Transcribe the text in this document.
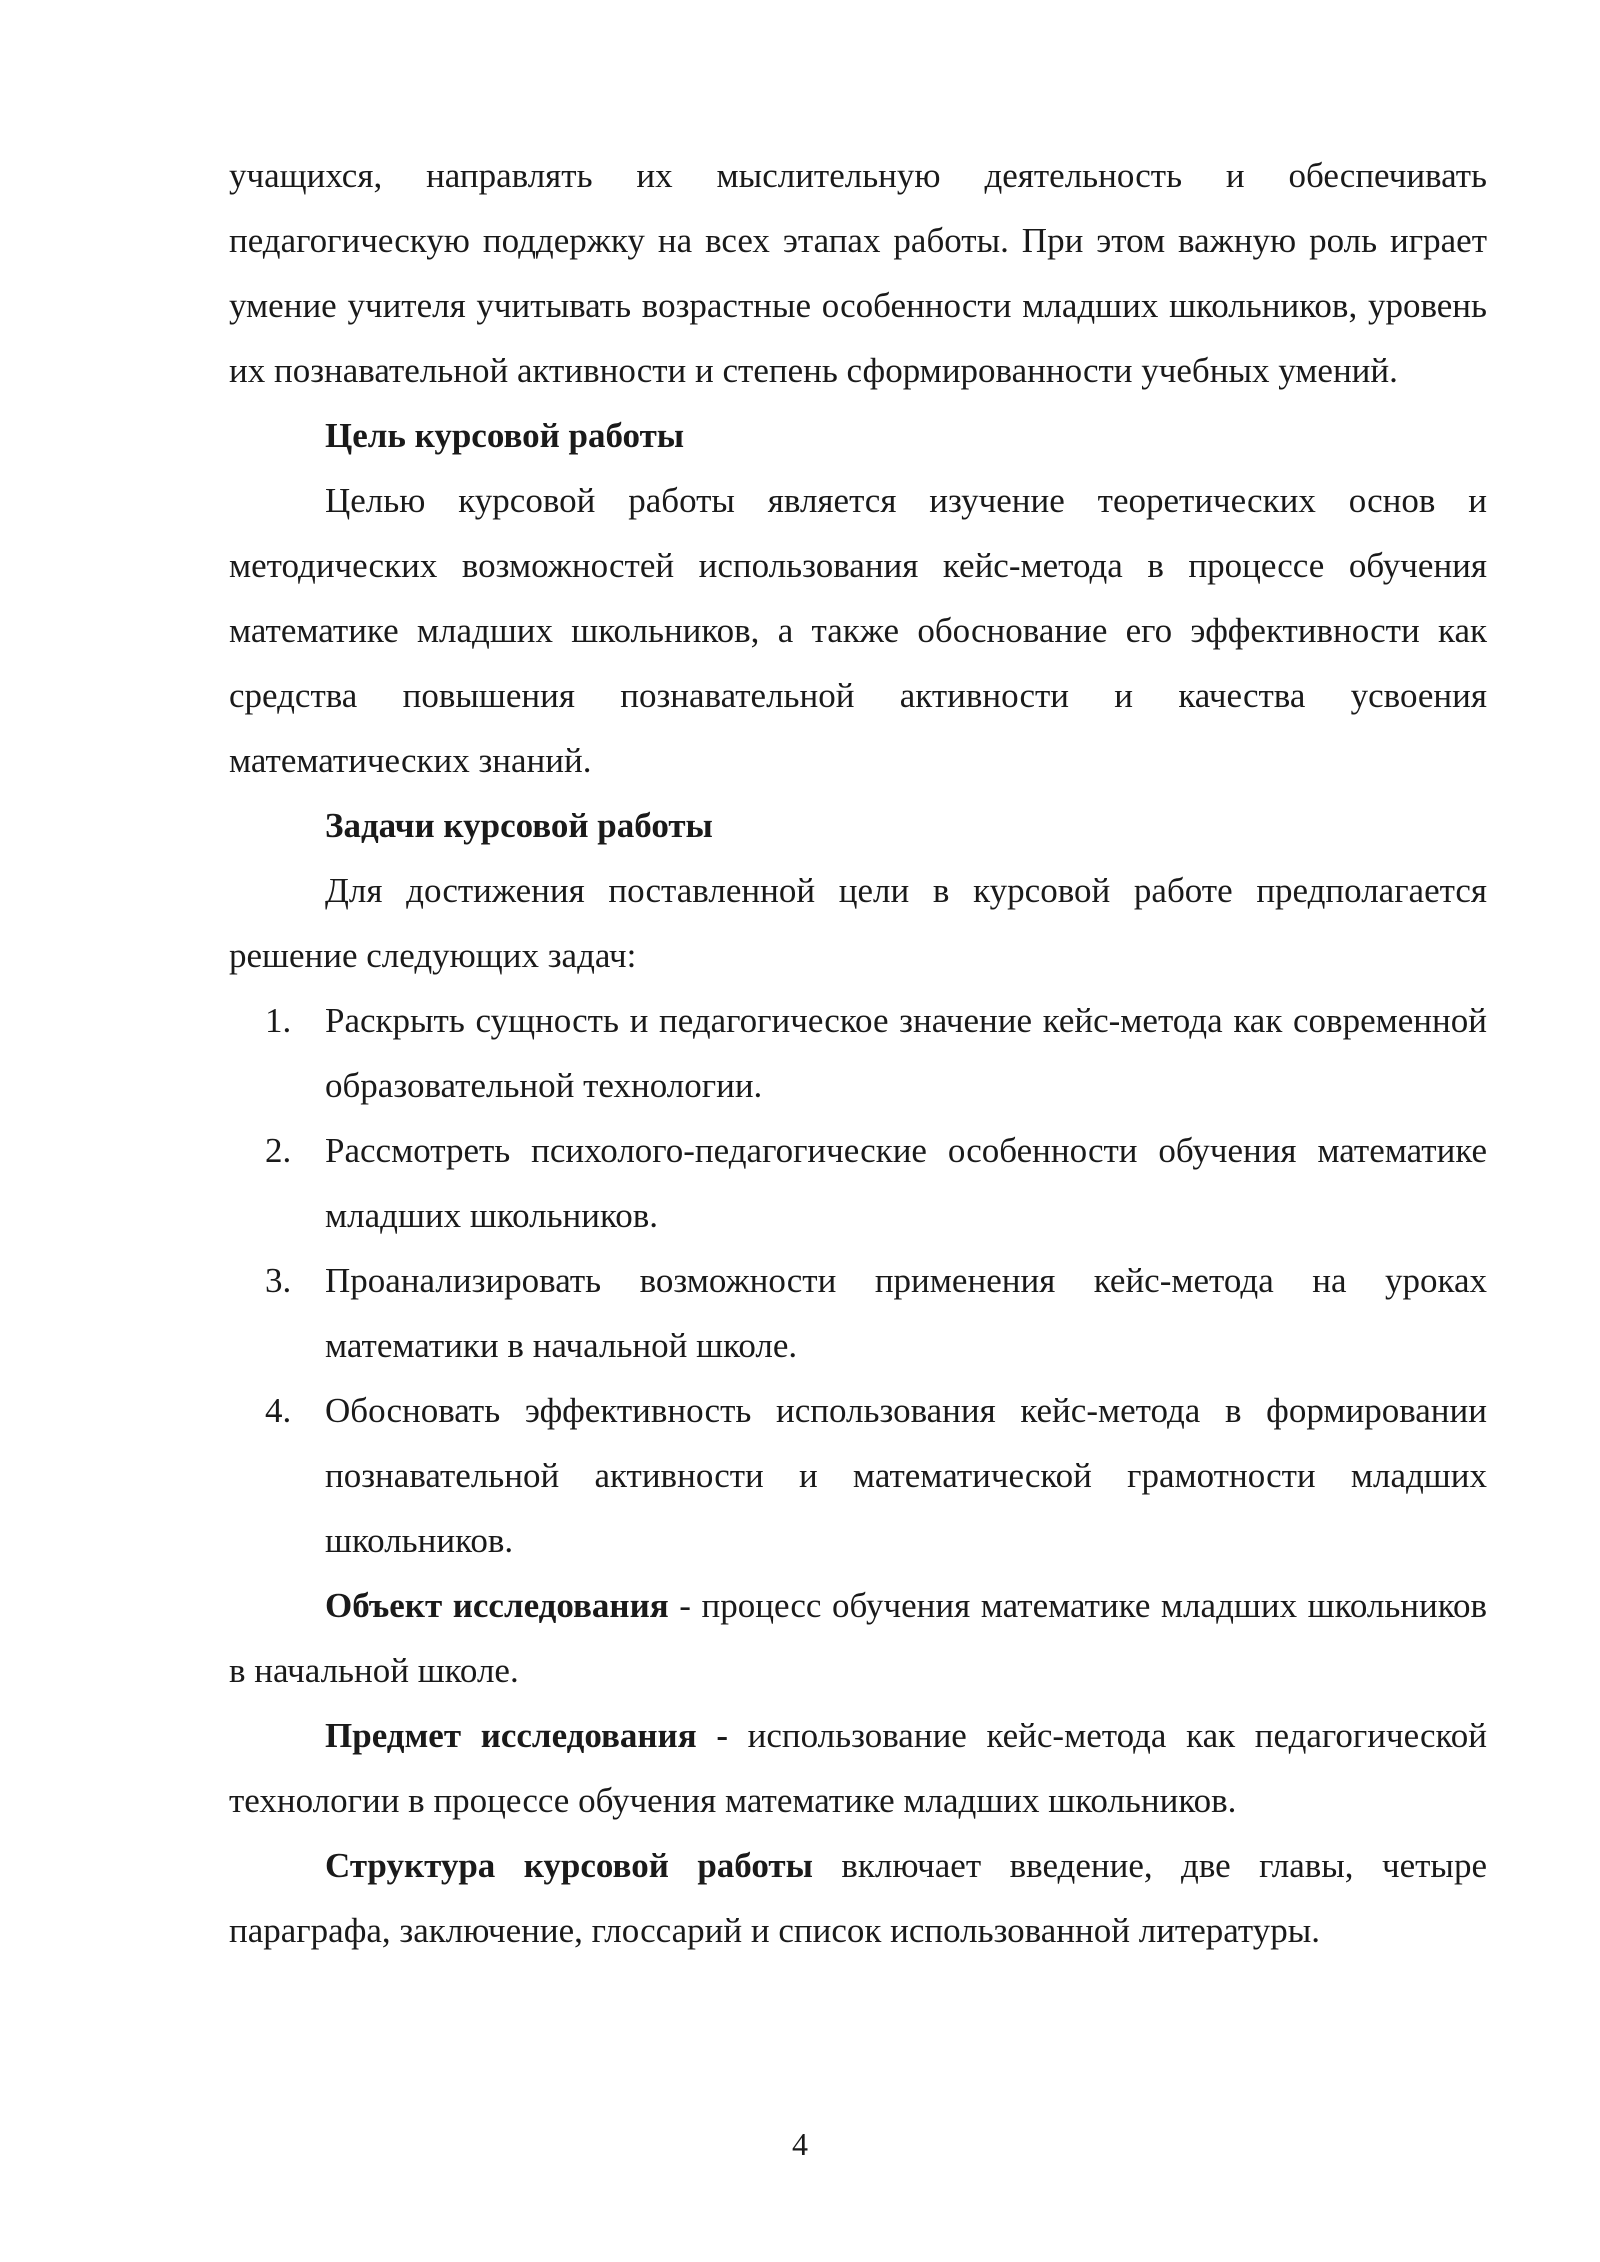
учащихся, направлять их мыслительную деятельность и обеспечивать педагогическую поддержку на всех этапах работы. При этом важную роль играет умение учителя учитывать возрастные особенности младших школьников, уровень их познавательной активности и степень сформированности учебных умений.

Цель курсовой работы

Целью курсовой работы является изучение теоретических основ и методических возможностей использования кейс-метода в процессе обучения математике младших школьников, а также обоснование его эффективности как средства повышения познавательной активности и качества усвоения математических знаний.

Задачи курсовой работы

Для достижения поставленной цели в курсовой работе предполагается решение следующих задач:

1. Раскрыть сущность и педагогическое значение кейс-метода как современной образовательной технологии.
2. Рассмотреть психолого-педагогические особенности обучения математике младших школьников.
3. Проанализировать возможности применения кейс-метода на уроках математики в начальной школе.
4. Обосновать эффективность использования кейс-метода в формировании познавательной активности и математической грамотности младших школьников.

Объект исследования - процесс обучения математике младших школьников в начальной школе.

Предмет исследования - использование кейс-метода как педагогической технологии в процессе обучения математике младших школьников.

Структура курсовой работы включает введение, две главы, четыре параграфа, заключение, глоссарий и список использованной литературы.

4
